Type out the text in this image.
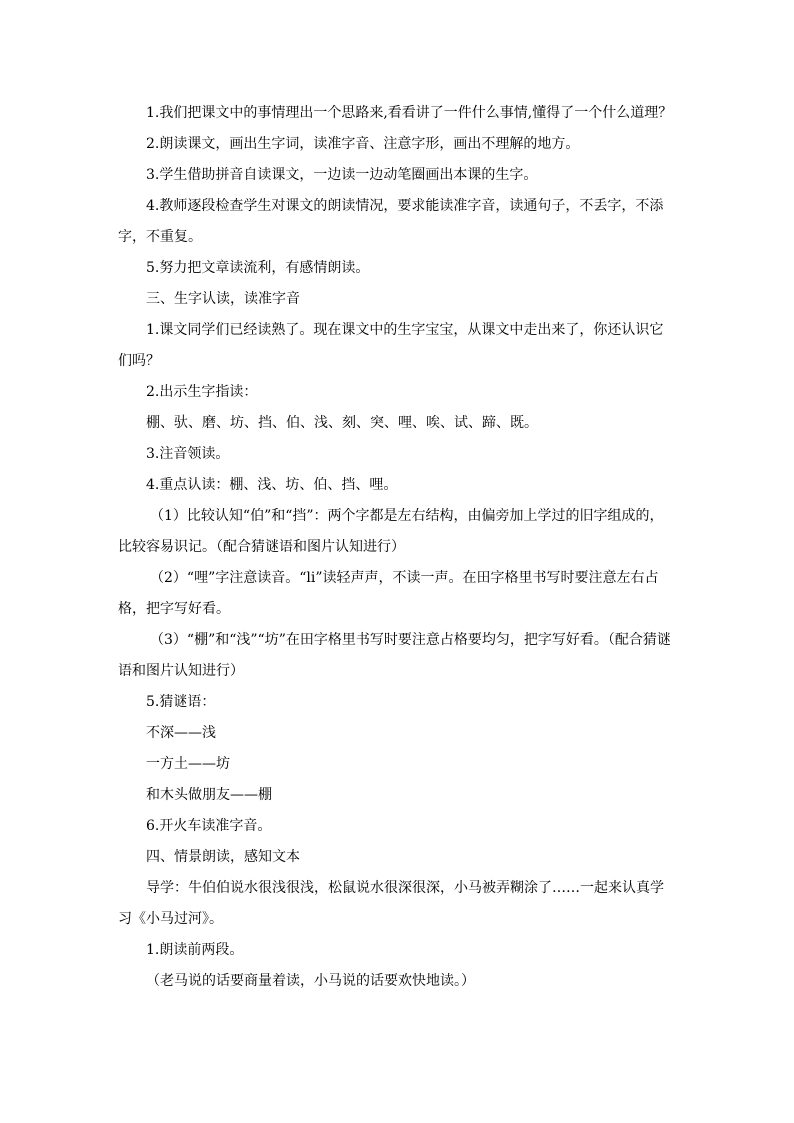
1.我们把课文中的事情理出一个思路来,看看讲了一件什么事情,懂得了一个什么道理？

2.朗读课文，画出生字词，读准字音、注意字形，画出不理解的地方。

3.学生借助拼音自读课文，一边读一边动笔圈画出本课的生字。

4.教师逐段检查学生对课文的朗读情况，要求能读准字音，读通句子，不丢字，不添字，不重复。

5.努力把文章读流利，有感情朗读。

三、生字认读，读准字音

1.课文同学们已经读熟了。现在课文中的生字宝宝，从课文中走出来了，你还认识它们吗？

2.出示生字指读：

棚、驮、磨、坊、挡、伯、浅、刻、突、哩、唉、试、蹄、既。

3.注音领读。

4.重点认读：棚、浅、坊、伯、挡、哩。

（1）比较认知“伯”和“挡”：两个字都是左右结构，由偏旁加上学过的旧字组成的，比较容易识记。（配合猜谜语和图片认知进行）

（2）“哩”字注意读音。“li”读轻声声，不读一声。在田字格里书写时要注意左右占格，把字写好看。

（3）“棚”和“浅”“坊”在田字格里书写时要注意占格要均匀，把字写好看。（配合猜谜语和图片认知进行）

5.猜谜语：

不深——浅

一方土——坊

和木头做朋友——棚

6.开火车读准字音。

四、情景朗读，感知文本

导学：牛伯伯说水很浅很浅，松鼠说水很深很深，小马被弄糊涂了……一起来认真学习《小马过河》。

1.朗读前两段。

（老马说的话要商量着读，小马说的话要欢快地读。）
